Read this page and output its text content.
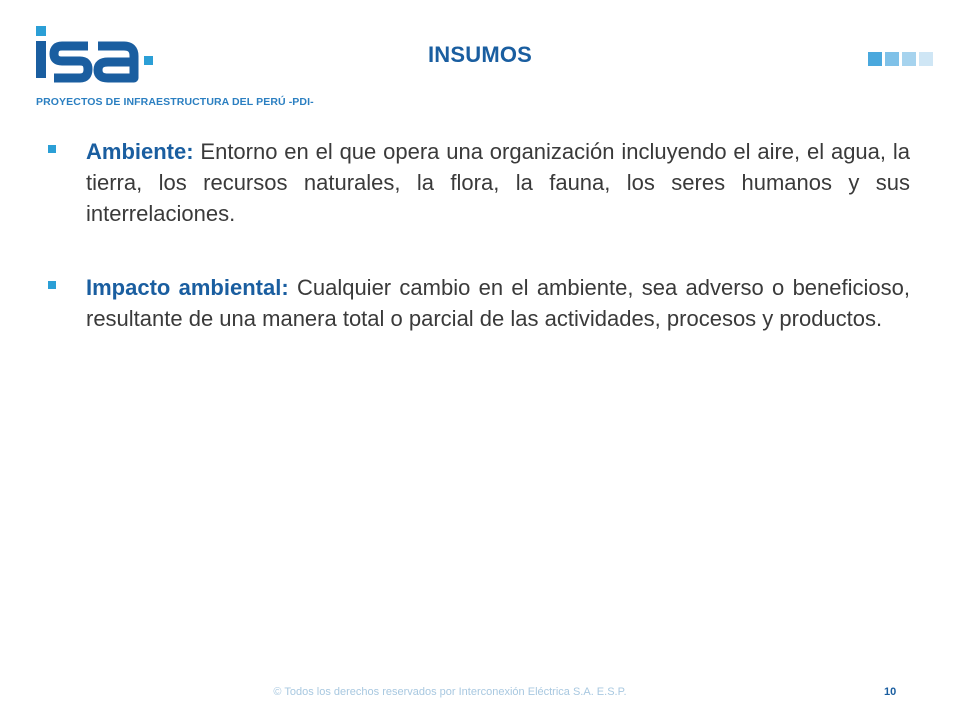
PROYECTOS DE INFRAESTRUCTURA DEL PERÚ -PDI-
INSUMOS
Ambiente: Entorno en el que opera una organización incluyendo el aire, el agua, la tierra, los recursos naturales, la flora, la fauna, los seres humanos y sus interrelaciones.
Impacto ambiental: Cualquier cambio en el ambiente, sea adverso o beneficioso, resultante de una manera total o parcial de las actividades, procesos y productos.
© Todos los derechos reservados por Interconexión Eléctrica S.A. E.S.P.	10
